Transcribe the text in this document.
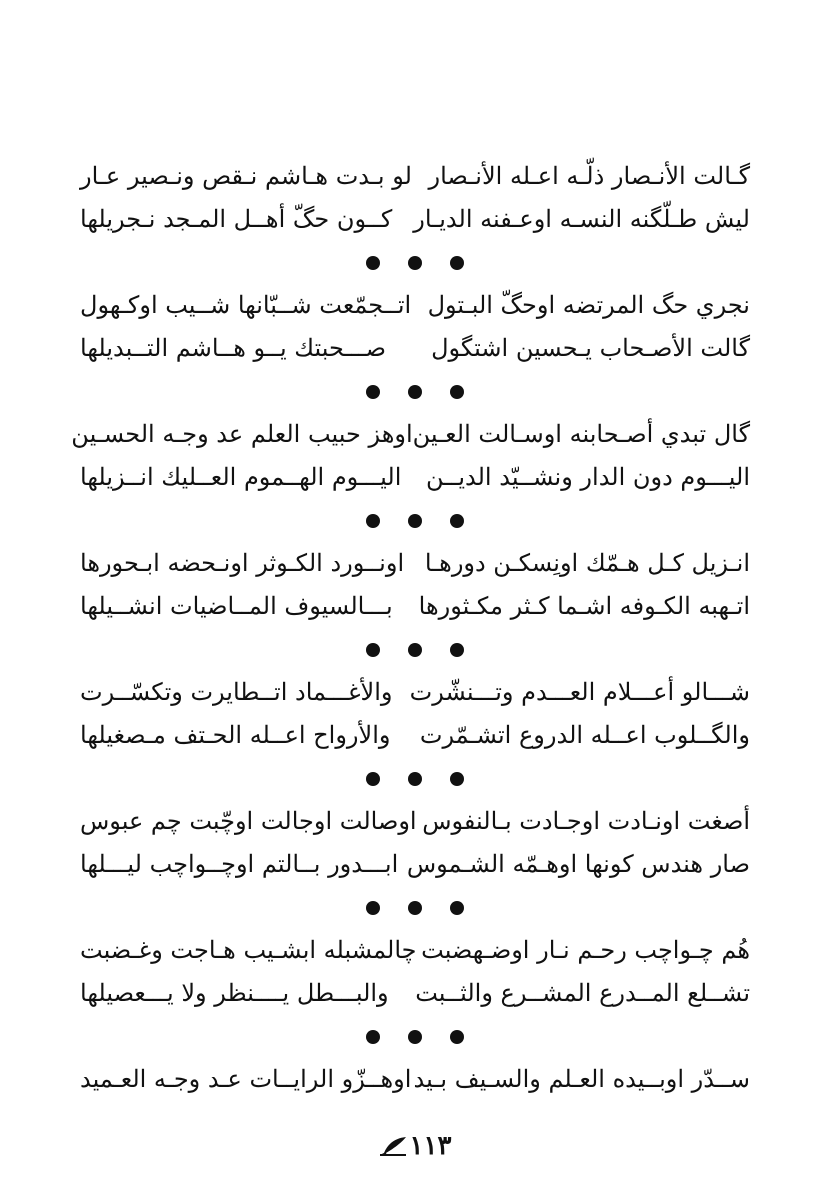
گـالت الأنـصار ذلّـه اعـله الأنـصار
لو بـدت هـاشم نـقص ونـصير عـار
ليش طـلّگنه النسـه اوعـفنه الديـار
كــون حگّ أهــل المـجد نـجريلها
نجري حگ المرتضه اوحگّ البـتول
اتــجمّعت شــبّانها شــيب اوكـهول
گالت الأصـحاب يـحسين اشتگول
صـــحبتك يــو هــاشم التــبديلها
گال تبدي أصـحابنه اوسـالت العـين
اوهز حبيب العلم عد وجـه الحسـين
اليـــوم دون الدار ونشــيّد الديــن
اليـــوم الهــموم العــليك انــزيلها
انـزيل كـل هـمّك اونِسكـن دورهـا
اونــورد الكـوثر اونـحضه ابـحورها
اتـهبه الكـوفه اشـما كـثر مكـثورها
بـــالسيوف المــاضيات انشــيلها
شـــالو أعـــلام العـــدم وتـــنشّرت
والأغـــماد اتــطايرت وتكسّــرت
والگــلوب اعــله الدروع اتشـمّرت
والأرواح اعــله الحـتف مـصغيلها
أصغت اونـادت اوجـادت بـالنفوس
اوصالت اوجالت اوچّبت چم عبوس
صار هندس كونها اوهـمّه الشـموس
ابـــدور بــالتم اوچــواچب ليـــلها
هُم چـواچب رحـم نـار اوضـهضبت
چالمشبله ابشـيب هـاجت وغـضبت
تشــلع المــدرع المشــرع والثــبت
والبـــطل يــــنظر ولا يـــعصيلها
ســدّر اوبــيده العـلم والسـيف بـيد
اوهــزّو الرايــات عـد وجـه العـميد
١١٣
